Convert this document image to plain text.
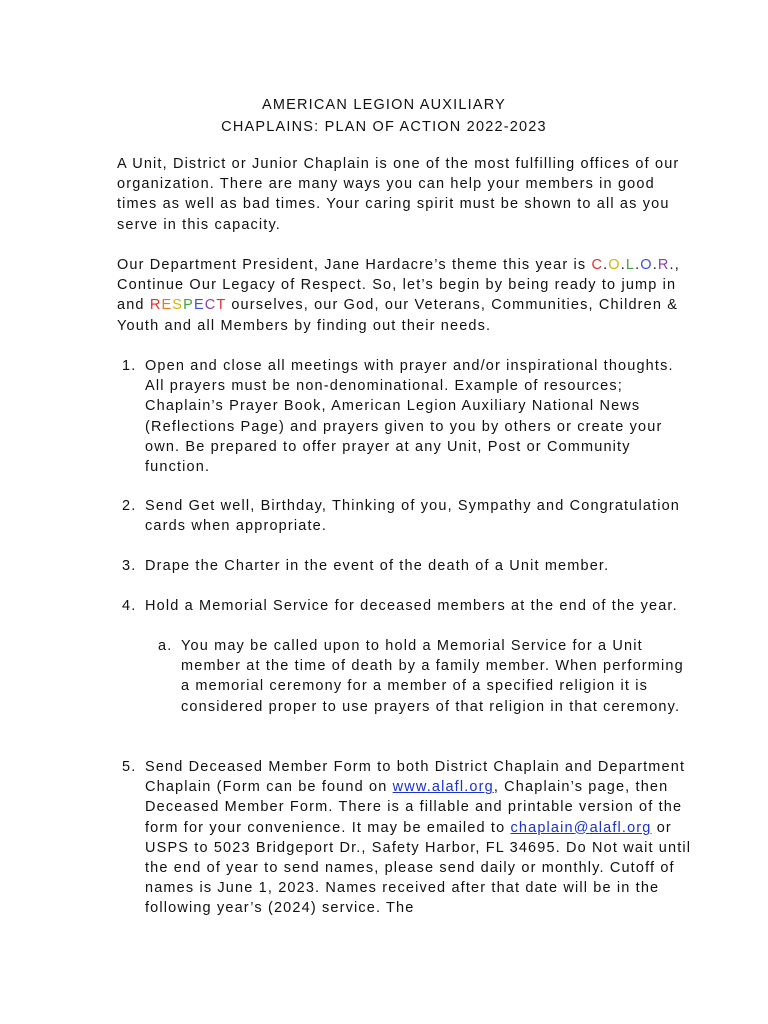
AMERICAN LEGION AUXILIARY
CHAPLAINS: PLAN OF ACTION 2022-2023
A Unit, District or Junior Chaplain is one of the most fulfilling offices of our organization. There are many ways you can help your members in good times as well as bad times. Your caring spirit must be shown to all as you serve in this capacity.
Our Department President, Jane Hardacre’s theme this year is C.O.L.O.R., Continue Our Legacy of Respect. So, let’s begin by being ready to jump in and RESPECT ourselves, our God, our Veterans, Communities, Children & Youth and all Members by finding out their needs.
1. Open and close all meetings with prayer and/or inspirational thoughts. All prayers must be non-denominational. Example of resources; Chaplain’s Prayer Book, American Legion Auxiliary National News (Reflections Page) and prayers given to you by others or create your own. Be prepared to offer prayer at any Unit, Post or Community function.
2. Send Get well, Birthday, Thinking of you, Sympathy and Congratulation cards when appropriate.
3. Drape the Charter in the event of the death of a Unit member.
4. Hold a Memorial Service for deceased members at the end of the year.
a. You may be called upon to hold a Memorial Service for a Unit member at the time of death by a family member. When performing a memorial ceremony for a member of a specified religion it is considered proper to use prayers of that religion in that ceremony.
5. Send Deceased Member Form to both District Chaplain and Department Chaplain (Form can be found on www.alafl.org, Chaplain’s page, then Deceased Member Form. There is a fillable and printable version of the form for your convenience. It may be emailed to chaplain@alafl.org or USPS to 5023 Bridgeport Dr., Safety Harbor, FL 34695. Do Not wait until the end of year to send names, please send daily or monthly. Cutoff of names is June 1, 2023. Names received after that date will be in the following year’s (2024) service. The
